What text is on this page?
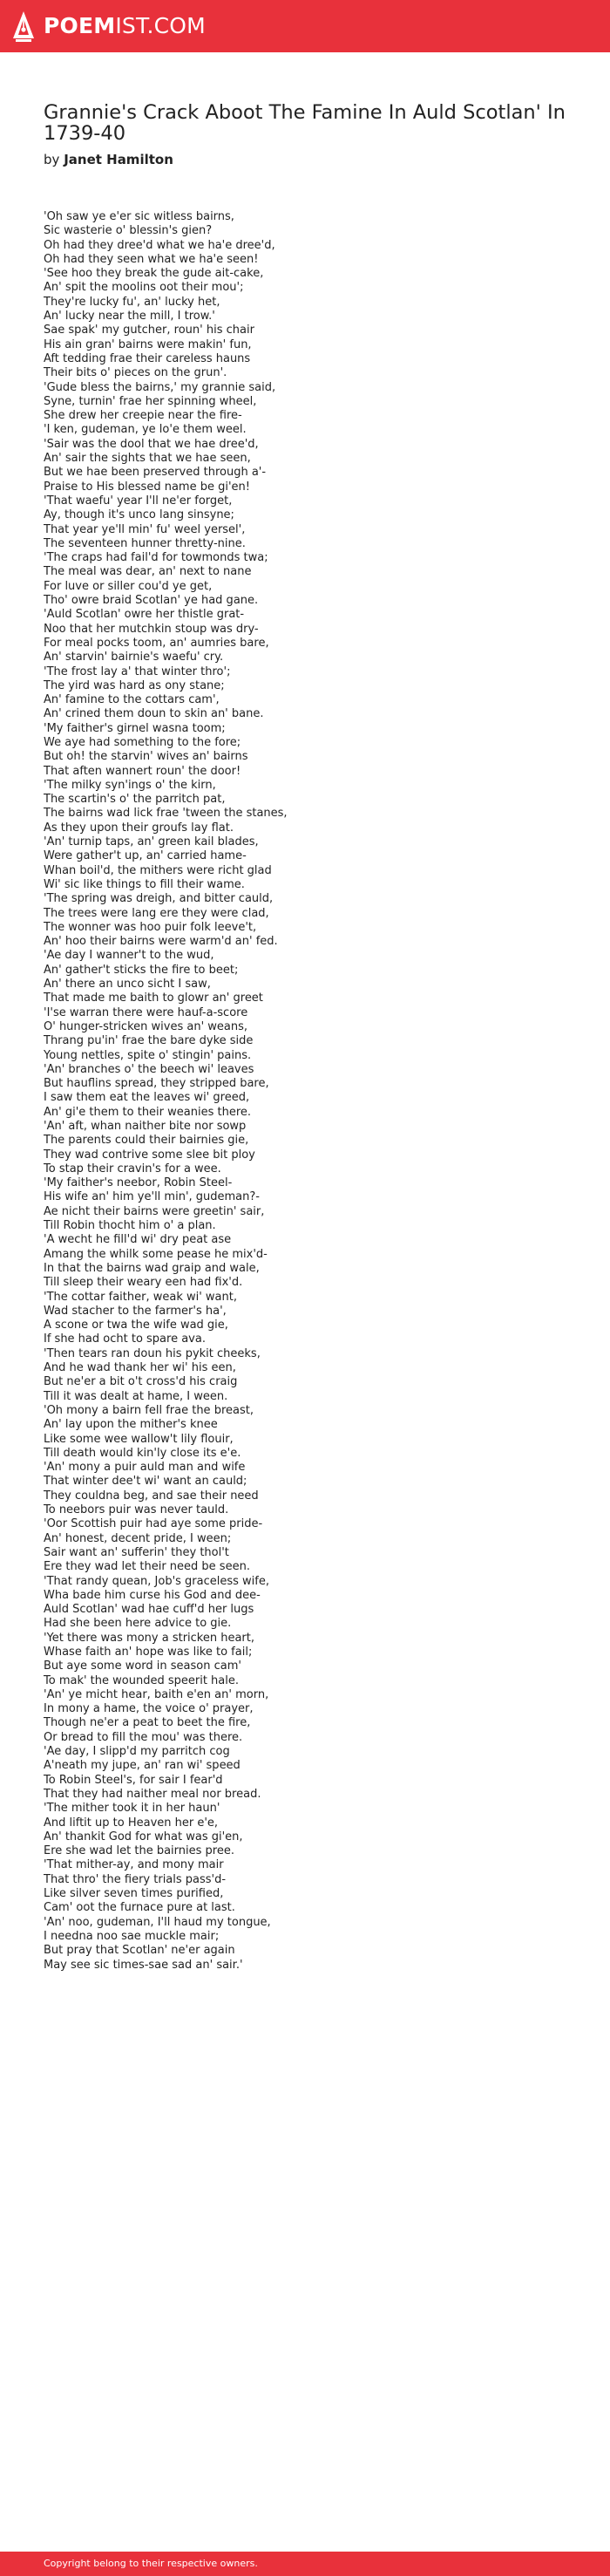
POEMIST.COM
Grannie's Crack Aboot The Famine In Auld Scotlan' In 1739-40
by Janet Hamilton
'Oh saw ye e'er sic witless bairns,
Sic wasterie o' blessin's gien?
Oh had they dree'd what we ha'e dree'd,
Oh had they seen what we ha'e seen!
'See hoo they break the gude ait-cake,
An' spit the moolins oot their mou';
They're lucky fu', an' lucky het,
An' lucky near the mill, I trow.'
Sae spak' my gutcher, roun' his chair
His ain gran' bairns were makin' fun,
Aft tedding frae their careless hauns
Their bits o' pieces on the grun'.
'Gude bless the bairns,' my grannie said,
Syne, turnin' frae her spinning wheel,
She drew her creepie near the fire-
'I ken, gudeman, ye lo'e them weel.
'Sair was the dool that we hae dree'd,
An' sair the sights that we hae seen,
But we hae been preserved through a'-
Praise to His blessed name be gi'en!
'That waefu' year I'll ne'er forget,
Ay, though it's unco lang sinsyne;
That year ye'll min' fu' weel yersel',
The seventeen hunner thretty-nine.
'The craps had fail'd for towmonds twa;
The meal was dear, an' next to nane
For luve or siller cou'd ye get,
Tho' owre braid Scotlan' ye had gane.
'Auld Scotlan' owre her thistle grat-
Noo that her mutchkin stoup was dry-
For meal pocks toom, an' aumries bare,
An' starvin' bairnie's waefu' cry.
'The frost lay a' that winter thro';
The yird was hard as ony stane;
An' famine to the cottars cam',
An' crined them doun to skin an' bane.
'My faither's girnel wasna toom;
We aye had something to the fore;
But oh! the starvin' wives an' bairns
That aften wannert roun' the door!
'The milky syn'ings o' the kirn,
The scartin's o' the parritch pat,
The bairns wad lick frae 'tween the stanes,
As they upon their groufs lay flat.
'An' turnip taps, an' green kail blades,
Were gather't up, an' carried hame-
Whan boil'd, the mithers were richt glad
Wi' sic like things to fill their wame.
'The spring was dreigh, and bitter cauld,
The trees were lang ere they were clad,
The wonner was hoo puir folk leeve't,
An' hoo their bairns were warm'd an' fed.
'Ae day I wanner't to the wud,
An' gather't sticks the fire to beet;
An' there an unco sicht I saw,
That made me baith to glowr an' greet
'I'se warran there were hauf-a-score
O' hunger-stricken wives an' weans,
Thrang pu'in' frae the bare dyke side
Young nettles, spite o' stingin' pains.
'An' branches o' the beech wi' leaves
But hauflins spread, they stripped bare,
I saw them eat the leaves wi' greed,
An' gi'e them to their weanies there.
'An' aft, whan naither bite nor sowp
The parents could their bairnies gie,
They wad contrive some slee bit ploy
To stap their cravin's for a wee.
'My faither's neebor, Robin Steel-
His wife an' him ye'll min', gudeman?-
Ae nicht their bairns were greetin' sair,
Till Robin thocht him o' a plan.
'A wecht he fill'd wi' dry peat ase
Amang the whilk some pease he mix'd-
In that the bairns wad graip and wale,
Till sleep their weary een had fix'd.
'The cottar faither, weak wi' want,
Wad stacher to the farmer's ha',
A scone or twa the wife wad gie,
If she had ocht to spare ava.
'Then tears ran doun his pykit cheeks,
And he wad thank her wi' his een,
But ne'er a bit o't cross'd his craig
Till it was dealt at hame, I ween.
'Oh mony a bairn fell frae the breast,
An' lay upon the mither's knee
Like some wee wallow't lily flouir,
Till death would kin'ly close its e'e.
'An' mony a puir auld man and wife
That winter dee't wi' want an cauld;
They couldna beg, and sae their need
To neebors puir was never tauld.
'Oor Scottish puir had aye some pride-
An' honest, decent pride, I ween;
Sair want an' sufferin' they thol't
Ere they wad let their need be seen.
'That randy quean, Job's graceless wife,
Wha bade him curse his God and dee-
Auld Scotlan' wad hae cuff'd her lugs
Had she been here advice to gie.
'Yet there was mony a stricken heart,
Whase faith an' hope was like to fail;
But aye some word in season cam'
To mak' the wounded speerit hale.
'An' ye micht hear, baith e'en an' morn,
In mony a hame, the voice o' prayer,
Though ne'er a peat to beet the fire,
Or bread to fill the mou' was there.
'Ae day, I slipp'd my parritch cog
A'neath my jupe, an' ran wi' speed
To Robin Steel's, for sair I fear'd
That they had naither meal nor bread.
'The mither took it in her haun'
And liftit up to Heaven her e'e,
An' thankit God for what was gi'en,
Ere she wad let the bairnies pree.
'That mither-ay, and mony mair
That thro' the fiery trials pass'd-
Like silver seven times purified,
Cam' oot the furnace pure at last.
'An' noo, gudeman, I'll haud my tongue,
I needna noo sae muckle mair;
But pray that Scotlan' ne'er again
May see sic times-sae sad an' sair.'
Copyright belong to their respective owners.
